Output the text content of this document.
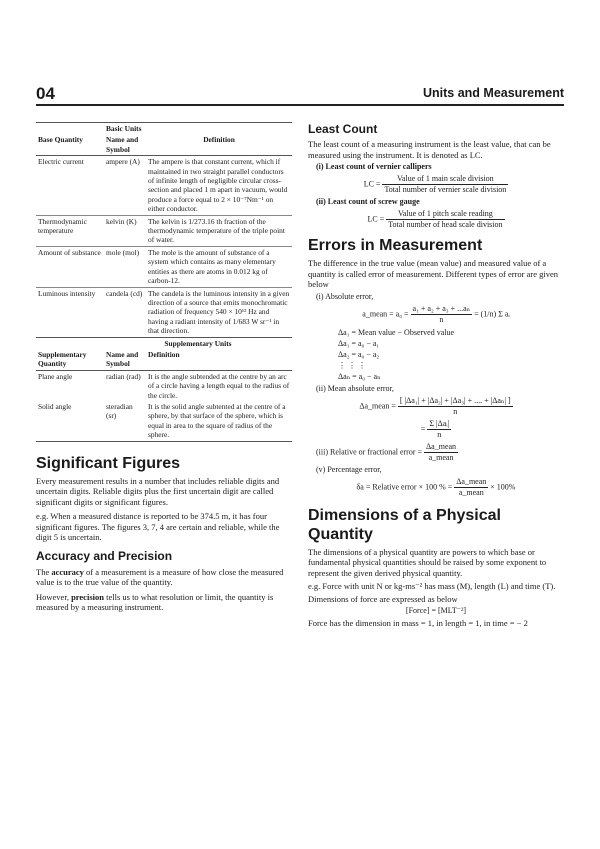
04	Units and Measurement
	Basic Units	
Base Quantity	Name and Symbol	Definition
Electric current	ampere (A)	The ampere is that constant current, which if maintained in two straight parallel conductors of infinite length of negligible circular cross-section and placed 1 m apart in vacuum, would produce a force equal to 2 × 10⁻⁷Nm⁻¹ on either conductor.
Thermodynamic temperature	kelvin (K)	The kelvin is 1/273.16 th fraction of the thermodynamic temperature of the triple point of water.
Amount of substance	mole (mol)	The mole is the amount of substance of a system which contains as many elementary entities as there are atoms in 0.012 kg of carbon-12.
Luminous intensity	candela (cd)	The candela is the luminous intensity in a given direction of a source that emits monochromatic radiation of frequency 540 × 10¹² Hz and having a radiant intensity of 1/683 W sr⁻¹ in that direction.
	Supplementary Units	
Supplementary Quantity	Name and Symbol	Definition
Plane angle	radian (rad)	It is the angle subtended at the centre by an arc of a circle having a length equal to the radius of the circle.
Solid angle	steradian (sr)	It is the solid angle subtented at the centre of a sphere, by that surface of the sphere, which is equal in area to the square of radius of the sphere.
Significant Figures

Every measurement results in a number that includes reliable digits and uncertain digits. Reliable digits plus the first uncertain digit are called significant digits or significant figures.

e.g. When a measured distance is reported to be 374.5 m, it has four significant figures. The figures 3, 7, 4 are certain and reliable, while the digit 5 is uncertain.

Accuracy and Precision

The accuracy of a measurement is a measure of how close the measured value is to the true value of the quantity.

However, precision tells us to what resolution or limit, the quantity is measured by a measuring instrument.

Least Count

The least count of a measuring instrument is the least value, that can be measured using the instrument. It is denoted as LC.

(i) Least count of vernier callipers
LC = $\frac{\text{Value of 1 main scale division}}{\text{Total number of vernier scale division}}$
(ii) Least count of screw gauge
LC = $\frac{\text{Value of 1 pitch scale reading}}{\text{Total number of head scale division}}$
Errors in Measurement

The difference in the true value (mean value) and measured value of a quantity is called error of measurement. Different types of error are given below

(i) Absolute error,
a_mean = $a_0 = \frac{\text{a₁ + a₂ + a₃ + ...aₙ}}{n} = (1/n)$ Σ aᵢ
Δa₁ = Mean value − Observed value
Δa₁ = a₀ − a₁
Δa₂ = a₀ − a₂
⋮ ⋮ ⋮
Δaₙ = a₀ − aₙ
(ii) Mean absolute error,
Δa_mean = $\frac{\text{[ |Δa₁| + |Δa₂| + |Δa₃| + .... + |Δaₙ| ]}}{n}$
= $\frac{\text{Σ |Δaᵢ|}}{n}$
(iii) Relative or fractional error = $\frac{\text{Δa\_mean}}{\text{a\_mean}}$
(v) Percentage error,
δa = Relative error × 100 % = $\frac{\text{Δa\_mean}}{\text{a\_mean}} \times 100\%$
Dimensions of a Physical Quantity

The dimensions of a physical quantity are powers to which base or fundamental physical quantities should be raised by some exponent to represent the given derived physical quantity.

e.g. Force with unit N or kg-ms⁻² has mass (M), length (L) and time (T).

Dimensions of force are expressed as below

[Force] = [MLT⁻²]

Force has the dimension in mass = 1, in length = 1, in time = − 2
